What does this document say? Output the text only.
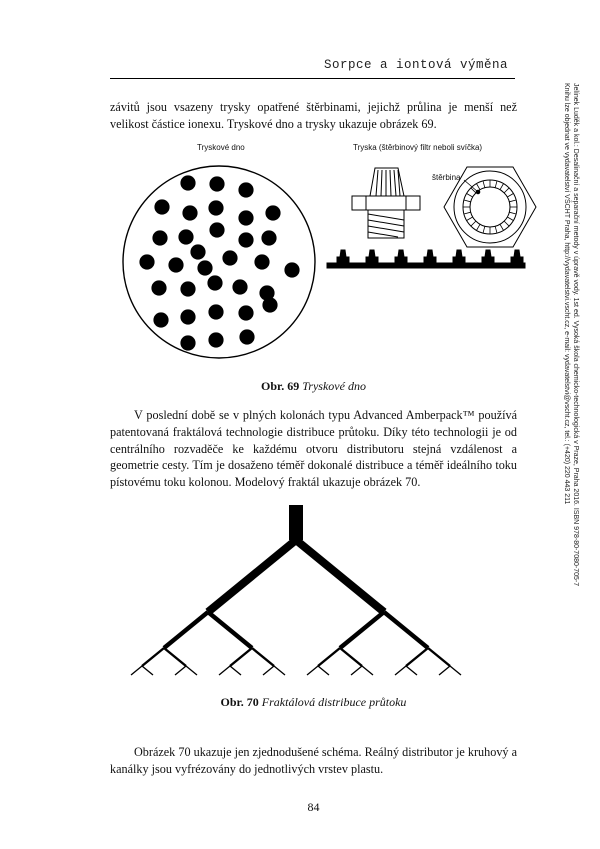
Sorpce a iontová výměna

závitů jsou vsazeny trysky opatřené štěrbinami, jejichž průlina je menší než velikost částice ionexu. Tryskové dno a trysky ukazuje obrázek 69.

Tryskové dno	Tryska (štěrbinový filtr neboli svíčka)
štěrbina
Obr. 69 Tryskové dno

V poslední době se v plných kolonách typu Advanced Amberpack™ používá patentovaná fraktálová technologie distribuce průtoku. Díky této technologii je od centrálního rozvaděče ke každému otvoru distributoru stejná vzdálenost a geometrie cesty. Tím je dosaženo téměř dokonalé distribuce a téměř ideálního toku pístovému toku kolonou. Modelový fraktál ukazuje obrázek 70.

Obr. 70 Fraktálová distribuce průtoku

Obrázek 70 ukazuje jen zjednodušené schéma. Reálný distributor je kruhový a kanálky jsou vyfrézovány do jednotlivých vrstev plastu.

84
Jelínek Luděk a kol.: Desalinační a separační metody v úpravě vody. 1st ed. Vysoká škola chemicko-technologická v Praze, Praha 2016. ISBN 978-80-7080-705-7
Knihu lze objednat ve vydavatelství VŠCHT Praha, http://vydavatelstvi.vscht.cz, e-mail: vydavatelstvi@vscht.cz, tel.: (+420) 220 443 211
